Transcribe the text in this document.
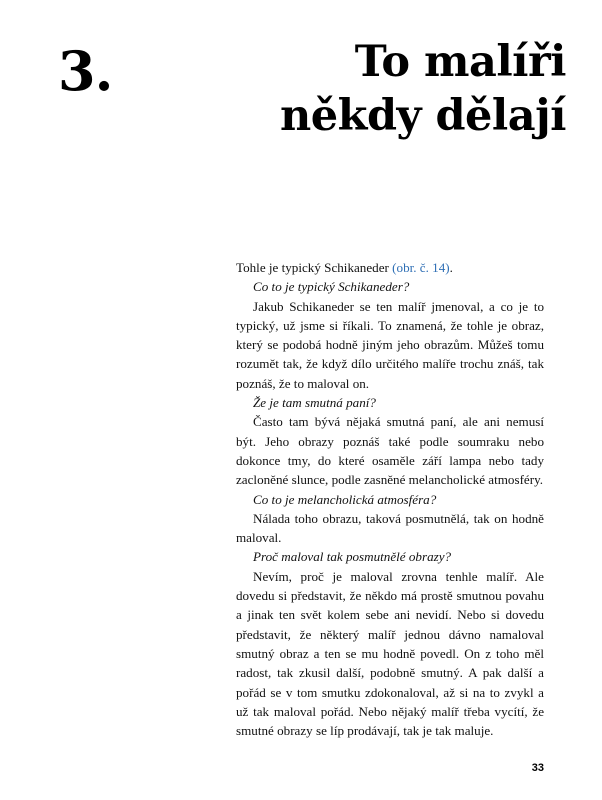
3.	To malíři
někdy dělají

Tohle je typický Schikaneder (obr. č. 14).

Co to je typický Schikaneder?

Jakub Schikaneder se ten malíř jmenoval, a co je to typický, už jsme si říkali. To znamená, že tohle je obraz, který se podobá hodně jiným jeho obrazům. Můžeš tomu rozumět tak, že když dílo určitého malíře trochu znáš, tak poznáš, že to maloval on.

Že je tam smutná paní?

Často tam bývá nějaká smutná paní, ale ani nemusí být. Jeho obrazy poznáš také podle soumraku nebo dokonce tmy, do které osaměle září lampa nebo tady zacloněné slunce, podle zasněné melancholické atmosféry.

Co to je melancholická atmosféra?

Nálada toho obrazu, taková posmutnělá, tak on hodně maloval.

Proč maloval tak posmutnělé obrazy?

Nevím, proč je maloval zrovna tenhle malíř. Ale dovedu si představit, že někdo má prostě smutnou povahu a jinak ten svět kolem sebe ani nevidí. Nebo si dovedu představit, že některý malíř jednou dávno namaloval smutný obraz a ten se mu hodně povedl. On z toho měl radost, tak zkusil další, podobně smutný. A pak další a pořád se v tom smutku zdokonaloval, až si na to zvykl a už tak maloval pořád. Nebo nějaký malíř třeba vycítí, že smutné obrazy se líp prodávají, tak je tak maluje.

33
